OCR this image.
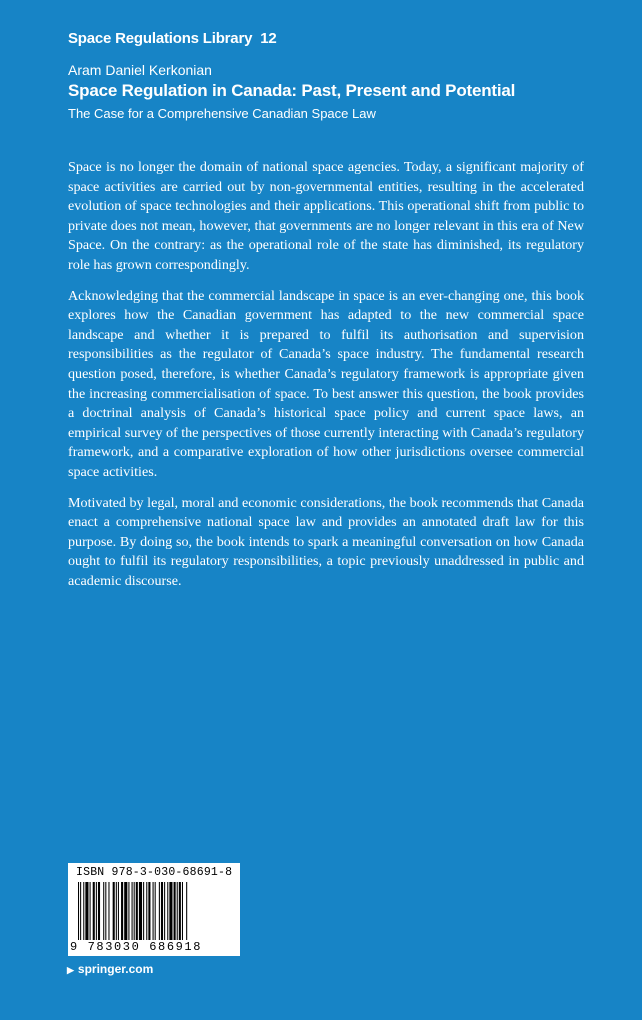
Space Regulations Library 12
Aram Daniel Kerkonian
Space Regulation in Canada: Past, Present and Potential
The Case for a Comprehensive Canadian Space Law

Space is no longer the domain of national space agencies. Today, a significant majority of space activities are carried out by non-governmental entities, resulting in the accelerated evolution of space technologies and their applications. This operational shift from public to private does not mean, however, that governments are no longer relevant in this era of New Space. On the contrary: as the operational role of the state has diminished, its regulatory role has grown correspondingly.

Acknowledging that the commercial landscape in space is an ever-changing one, this book explores how the Canadian government has adapted to the new commercial space landscape and whether it is prepared to fulfil its authorisation and supervision responsibilities as the regulator of Canada’s space industry. The fundamental research question posed, therefore, is whether Canada’s regulatory framework is appropriate given the increasing commercialisation of space. To best answer this question, the book provides a doctrinal analysis of Canada’s historical space policy and current space laws, an empirical survey of the perspectives of those currently interacting with Canada’s regulatory framework, and a comparative exploration of how other jurisdictions oversee commercial space activities.

Motivated by legal, moral and economic considerations, the book recommends that Canada enact a comprehensive national space law and provides an annotated draft law for this purpose. By doing so, the book intends to spark a meaningful conversation on how Canada ought to fulfil its regulatory responsibilities, a topic previously unaddressed in public and academic discourse.

ISBN 978-3-030-68691-8
9 783030 686918
▶ springer.com
